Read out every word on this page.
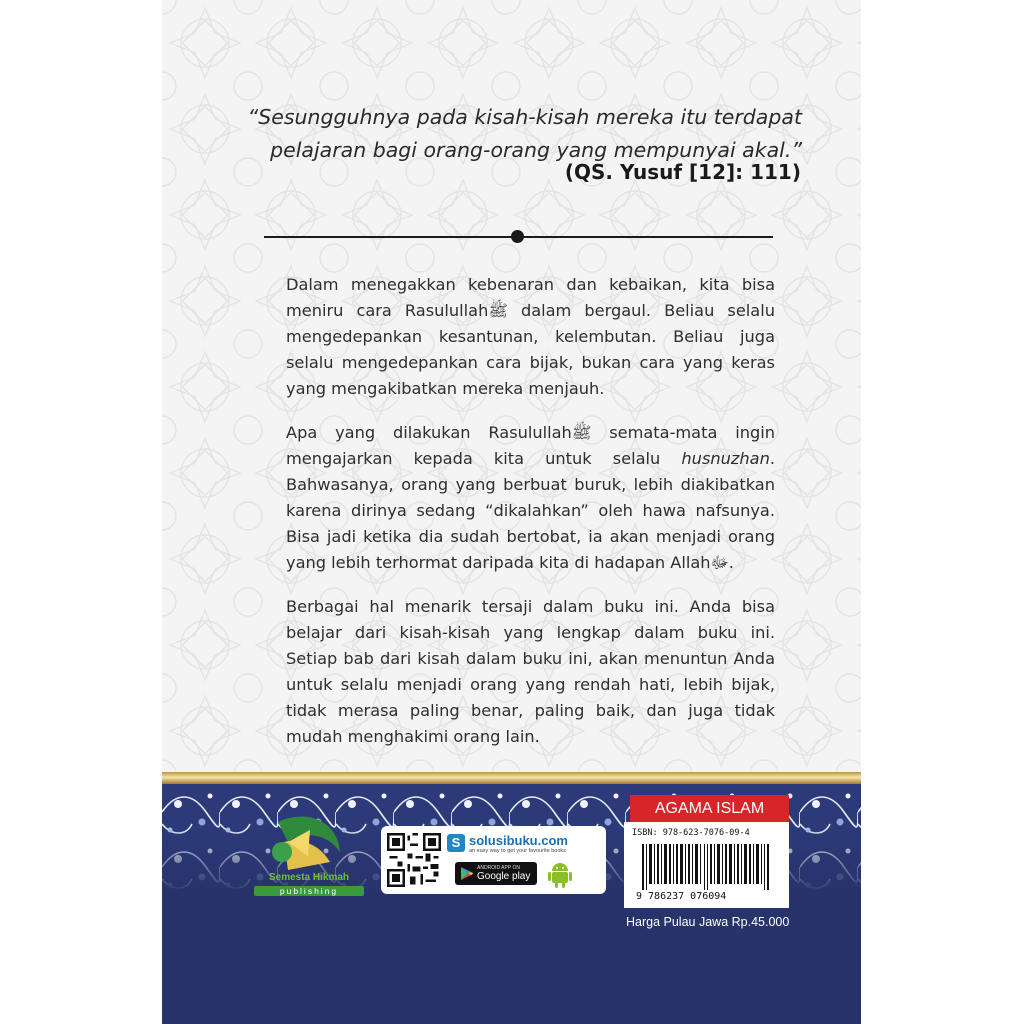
“Sesungguhnya pada kisah-kisah mereka itu terdapat
pelajaran bagi orang-orang yang mempunyai akal.”
(QS. Yusuf [12]: 111)

Dalam menegakkan kebenaran dan kebaikan, kita bisa meniru cara Rasulullahﷺ dalam bergaul. Beliau selalu mengedepankan kesantunan, kelembutan. Beliau juga selalu mengedepankan cara bijak, bukan cara yang keras yang mengakibatkan mereka menjauh.

Apa yang dilakukan Rasulullahﷺ semata-mata ingin mengajarkan kepada kita untuk selalu husnuzhan. Bahwasanya, orang yang berbuat buruk, lebih diakibatkan karena dirinya sedang “dikalahkan” oleh hawa nafsunya. Bisa jadi ketika dia sudah bertobat, ia akan menjadi orang yang lebih terhormat daripada kita di hadapan Allahﷻ.

Berbagai hal menarik tersaji dalam buku ini. Anda bisa belajar dari kisah-kisah yang lengkap dalam buku ini. Setiap bab dari kisah dalam buku ini, akan menuntun Anda untuk selalu menjadi orang yang rendah hati, lebih bijak, tidak merasa paling benar, paling baik, dan juga tidak mudah menghakimi orang lain.

Semesta Hikmah
publishing
S solusibuku.com
an easy way to get your favourite books
ANDROID APP ON
Google play
AGAMA ISLAM
ISBN: 978-623-7076-09-4
9 786237 076094
Harga Pulau Jawa Rp.45.000
